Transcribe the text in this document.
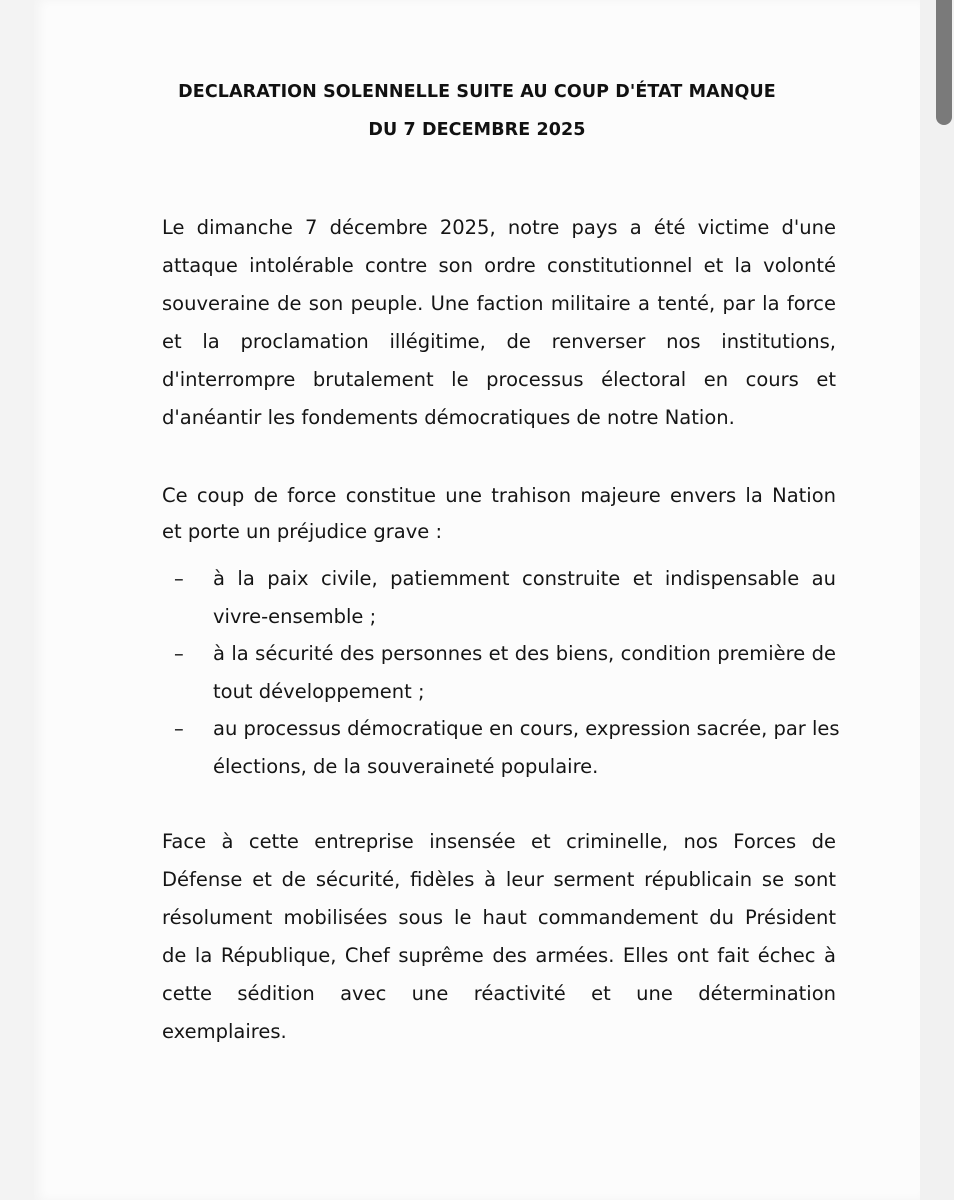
DECLARATION SOLENNELLE SUITE AU COUP D'ÉTAT MANQUE
DU 7 DECEMBRE 2025
Le dimanche 7 décembre 2025, notre pays a été victime d'une
attaque intolérable contre son ordre constitutionnel et la volonté
souveraine de son peuple. Une faction militaire a tenté, par la force
et la proclamation illégitime, de renverser nos institutions,
d'interrompre brutalement le processus électoral en cours et
d'anéantir les fondements démocratiques de notre Nation.
Ce coup de force constitue une trahison majeure envers la Nation
et porte un préjudice grave :
– à la paix civile, patiemment construite et indispensable au
vivre-ensemble ;
– à la sécurité des personnes et des biens, condition première de
tout développement ;
– au processus démocratique en cours, expression sacrée, par les
élections, de la souveraineté populaire.
Face à cette entreprise insensée et criminelle, nos Forces de
Défense et de sécurité, fidèles à leur serment républicain se sont
résolument mobilisées sous le haut commandement du Président
de la République, Chef suprême des armées. Elles ont fait échec à
cette sédition avec une réactivité et une détermination
exemplaires.
